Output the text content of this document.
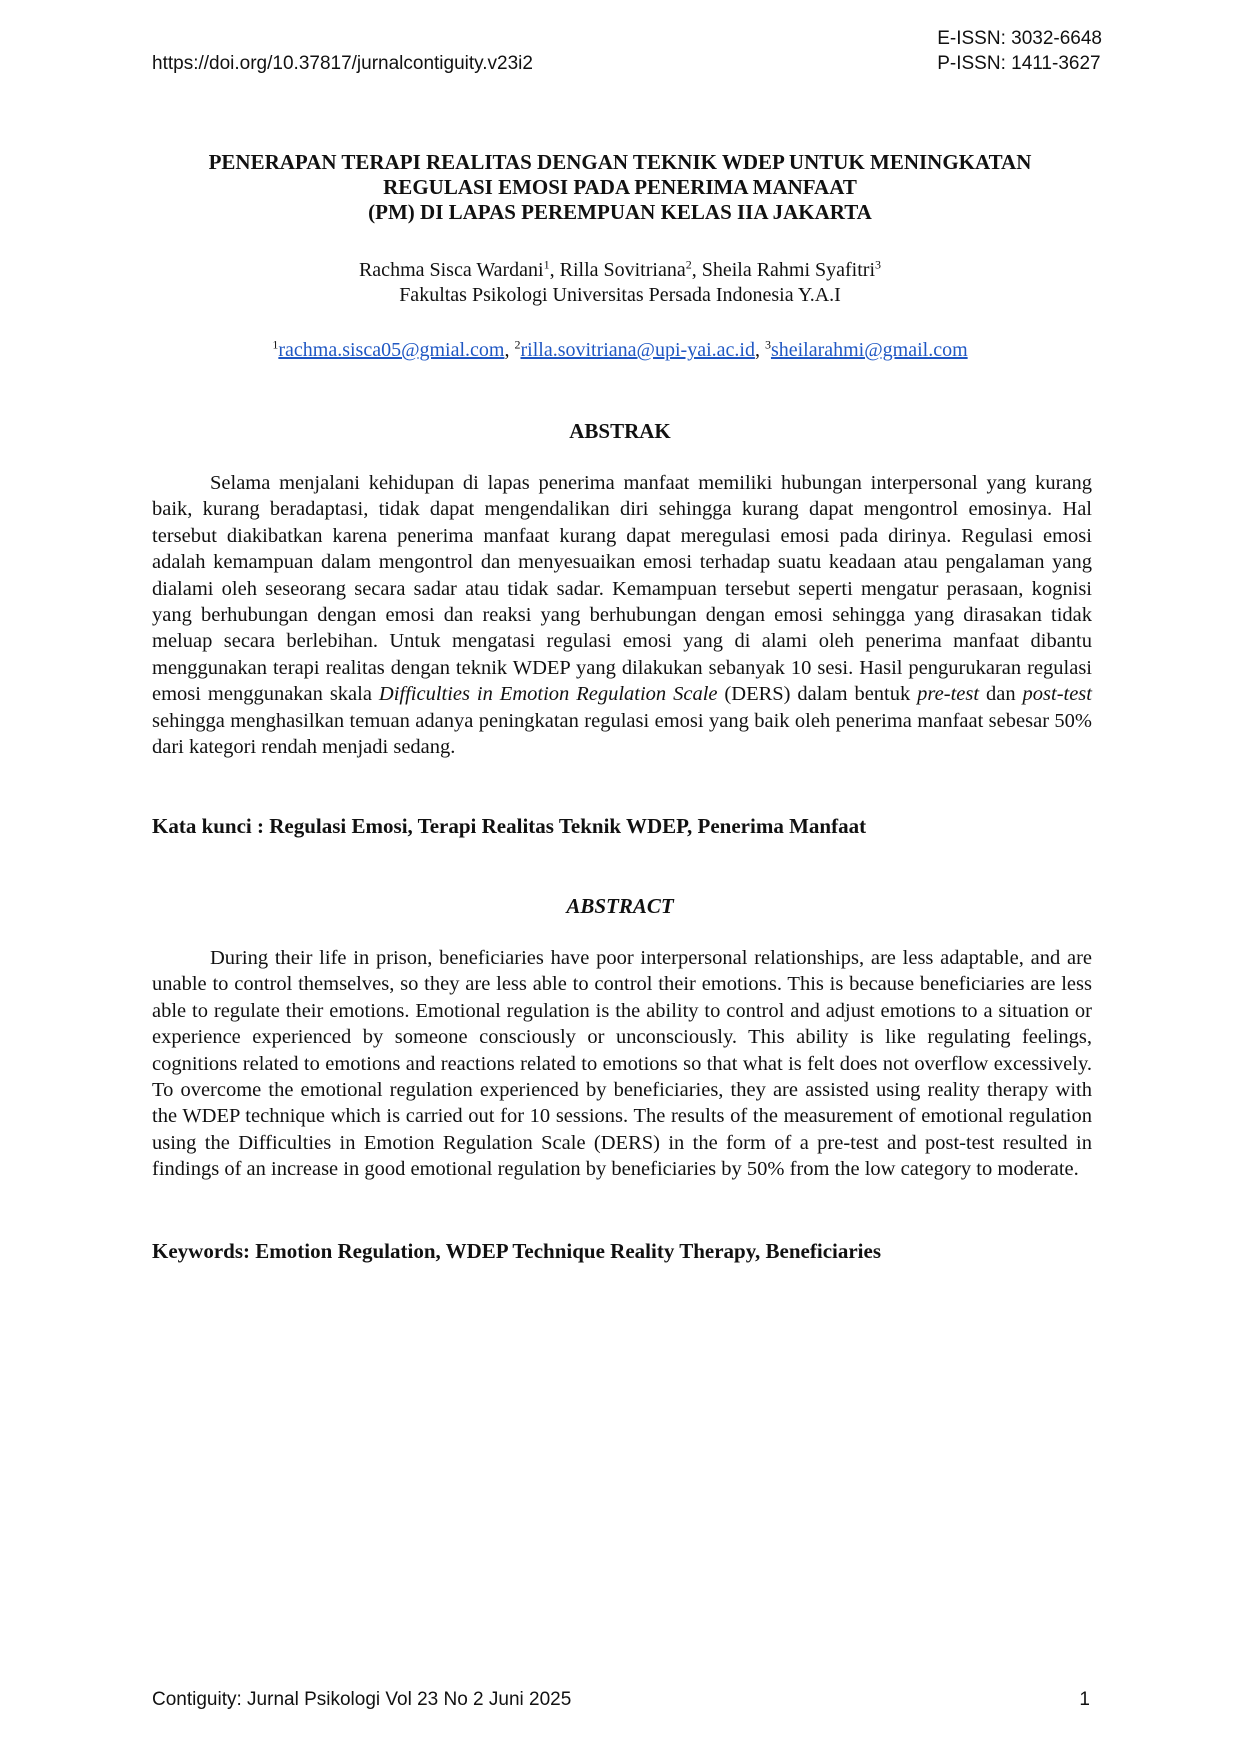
E-ISSN: 3032-6648
P-ISSN: 1411-3627
https://doi.org/10.37817/jurnalcontiguity.v23i2
PENERAPAN TERAPI REALITAS DENGAN TEKNIK WDEP UNTUK MENINGKATAN
REGULASI EMOSI PADA PENERIMA MANFAAT
(PM) DI LAPAS PEREMPUAN KELAS IIA JAKARTA
Rachma Sisca Wardani$^1$, Rilla Sovitriana$^2$, Sheila Rahmi Syafitri$^3$
Fakultas Psikologi Universitas Persada Indonesia Y.A.I
$^1$rachma.sisca05@gmial.com, $^2$rilla.sovitriana@upi-yai.ac.id, $^3$sheilarahmi@gmail.com
ABSTRAK

Selama menjalani kehidupan di lapas penerima manfaat memiliki hubungan interpersonal yang kurang baik, kurang beradaptasi, tidak dapat mengendalikan diri sehingga kurang dapat mengontrol emosinya. Hal tersebut diakibatkan karena penerima manfaat kurang dapat meregulasi emosi pada dirinya. Regulasi emosi adalah kemampuan dalam mengontrol dan menyesuaikan emosi terhadap suatu keadaan atau pengalaman yang dialami oleh seseorang secara sadar atau tidak sadar. Kemampuan tersebut seperti mengatur perasaan, kognisi yang berhubungan dengan emosi dan reaksi yang berhubungan dengan emosi sehingga yang dirasakan tidak meluap secara berlebihan. Untuk mengatasi regulasi emosi yang di alami oleh penerima manfaat dibantu menggunakan terapi realitas dengan teknik WDEP yang dilakukan sebanyak 10 sesi. Hasil pengurukaran regulasi emosi menggunakan skala Difficulties in Emotion Regulation Scale (DERS) dalam bentuk pre-test dan post-test sehingga menghasilkan temuan adanya peningkatan regulasi emosi yang baik oleh penerima manfaat sebesar 50% dari kategori rendah menjadi sedang.

Kata kunci : Regulasi Emosi, Terapi Realitas Teknik WDEP, Penerima Manfaat
ABSTRACT

During their life in prison, beneficiaries have poor interpersonal relationships, are less adaptable, and are unable to control themselves, so they are less able to control their emotions. This is because beneficiaries are less able to regulate their emotions. Emotional regulation is the ability to control and adjust emotions to a situation or experience experienced by someone consciously or unconsciously. This ability is like regulating feelings, cognitions related to emotions and reactions related to emotions so that what is felt does not overflow excessively. To overcome the emotional regulation experienced by beneficiaries, they are assisted using reality therapy with the WDEP technique which is carried out for 10 sessions. The results of the measurement of emotional regulation using the Difficulties in Emotion Regulation Scale (DERS) in the form of a pre-test and post-test resulted in findings of an increase in good emotional regulation by beneficiaries by 50% from the low category to moderate.

Keywords: Emotion Regulation, WDEP Technique Reality Therapy, Beneficiaries
Contiguity: Jurnal Psikologi Vol 23 No 2 Juni 2025	1
